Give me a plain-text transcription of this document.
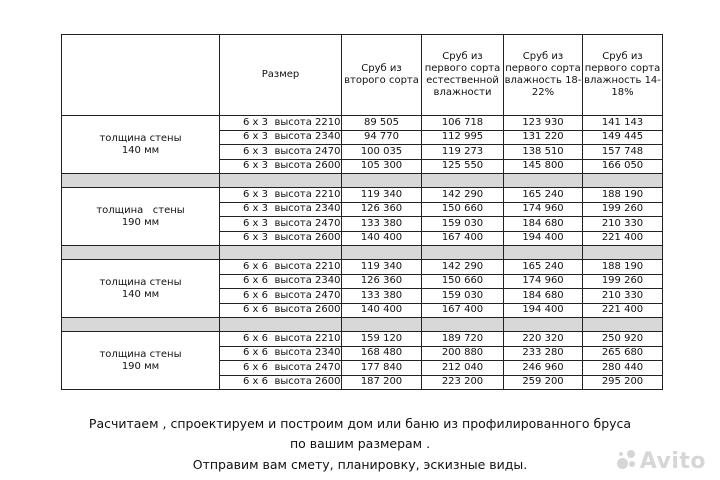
	Размер	Сруб из второго сорта	Сруб из первого сорта естественной влажности	Сруб из первого сорта влажность 18-22%	Сруб из первого сорта влажность 14-18%

толщина стены
140 мм	6 х 3 высота 2210	89 505	106 718	123 930	141 143
	6 х 3 высота 2340	94 770	112 995	131 220	149 445
	6 х 3 высота 2470	100 035	119 273	138 510	157 748
	6 х 3 высота 2600	105 300	125 550	145 800	166 050

толщина   стены
190 мм	6 х 3 высота 2210	119 340	142 290	165 240	188 190
	6 х 3 высота 2340	126 360	150 660	174 960	199 260
	6 х 3 высота 2470	133 380	159 030	184 680	210 330
	6 х 3 высота 2600	140 400	167 400	194 400	221 400

толщина стены
140 мм	6 х 6 высота 2210	119 340	142 290	165 240	188 190
	6 х 6 высота 2340	126 360	150 660	174 960	199 260
	6 х 6 высота 2470	133 380	159 030	184 680	210 330
	6 х 6 высота 2600	140 400	167 400	194 400	221 400

толщина стены
190 мм	6 х 6 высота 2210	159 120	189 720	220 320	250 920
	6 х 6 высота 2340	168 480	200 880	233 280	265 680
	6 х 6 высота 2470	177 840	212 040	246 960	280 440
	6 х 6 высота 2600	187 200	223 200	259 200	295 200
Расчитаем , спроектируем и построим дом или баню из профилированного бруса
по вашим размерам .
Отправим вам смету, планировку, эскизные виды.	Avito
